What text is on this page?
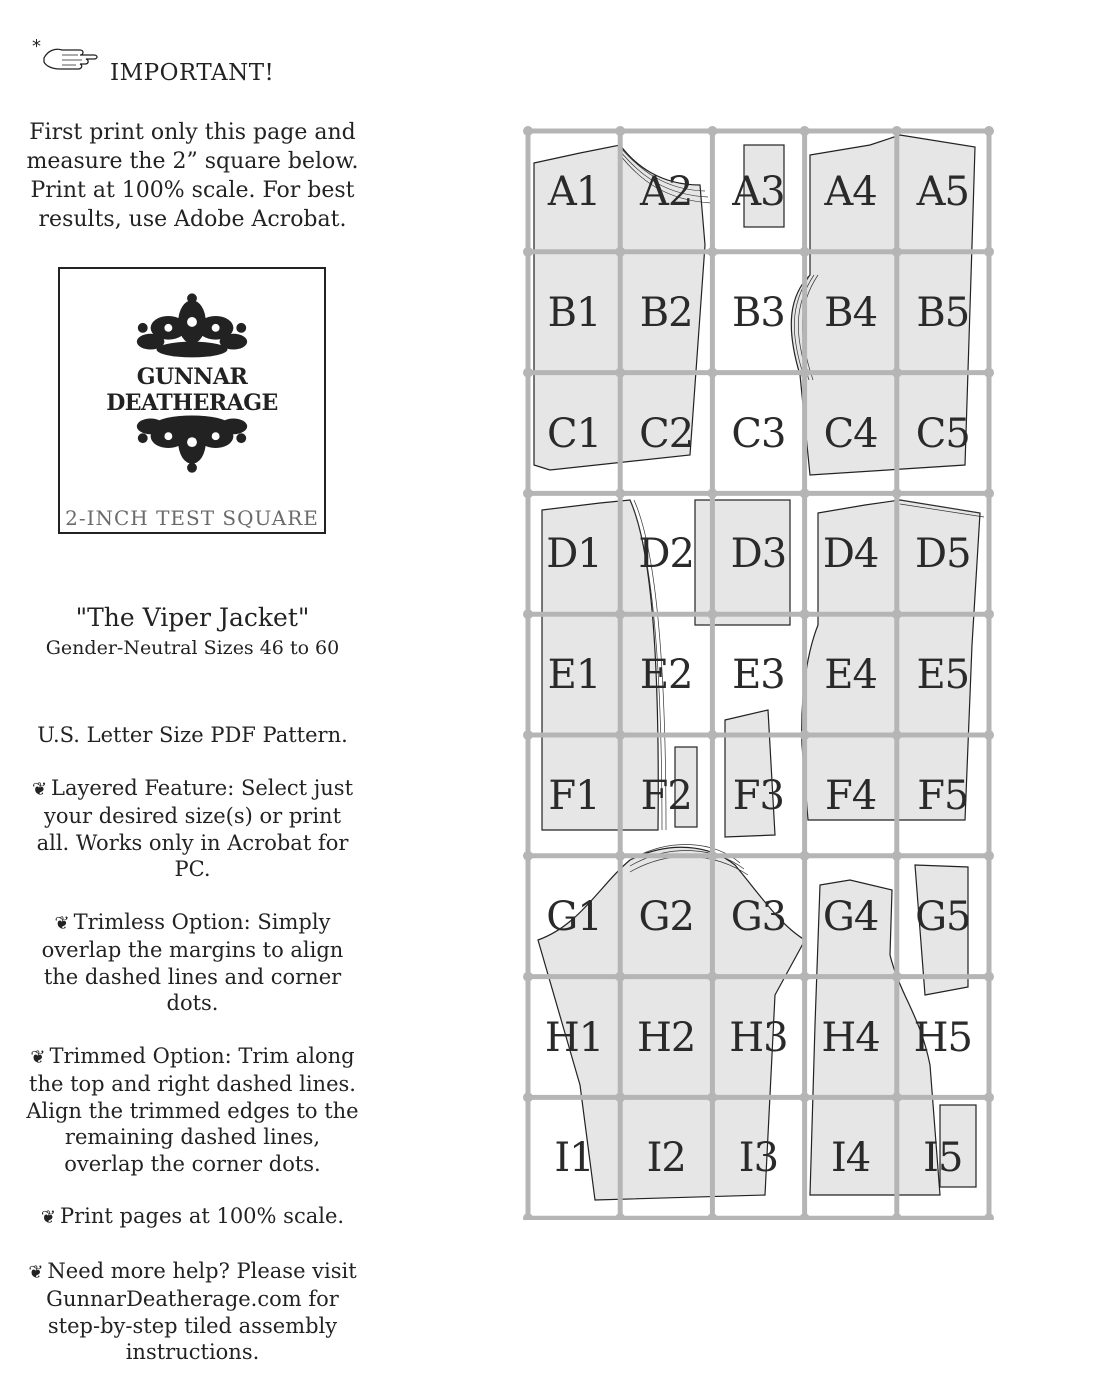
*
IMPORTANT!
First print only this page and measure the 2” square below. Print at 100% scale. For best results, use Adobe Acrobat.
GUNNAR DEATHERAGE
2-INCH TEST SQUARE
"The Viper Jacket"
Gender-Neutral Sizes 46 to 60

U.S. Letter Size PDF Pattern.

❦ Layered Feature: Select just your desired size(s) or print all. Works only in Acrobat for PC.

❦ Trimless Option: Simply overlap the margins to align the dashed lines and corner dots.

❦ Trimmed Option: Trim along the top and right dashed lines. Align the trimmed edges to the remaining dashed lines, overlap the corner dots.

❦ Print pages at 100% scale.

❦ Need more help? Please visit GunnarDeatherage.com for step-by-step tiled assembly instructions.

A1 A2 A3 A4 A5
B1 B2 B3 B4 B5
C1 C2 C3 C4 C5
D1 D2 D3 D4 D5
E1 E2 E3 E4 E5
F1	F2	F3	F4	F5
G1 G2 G3 G4 G5
H1 H2 H3 H4 H5
I1	I2	I3	I4	I5
